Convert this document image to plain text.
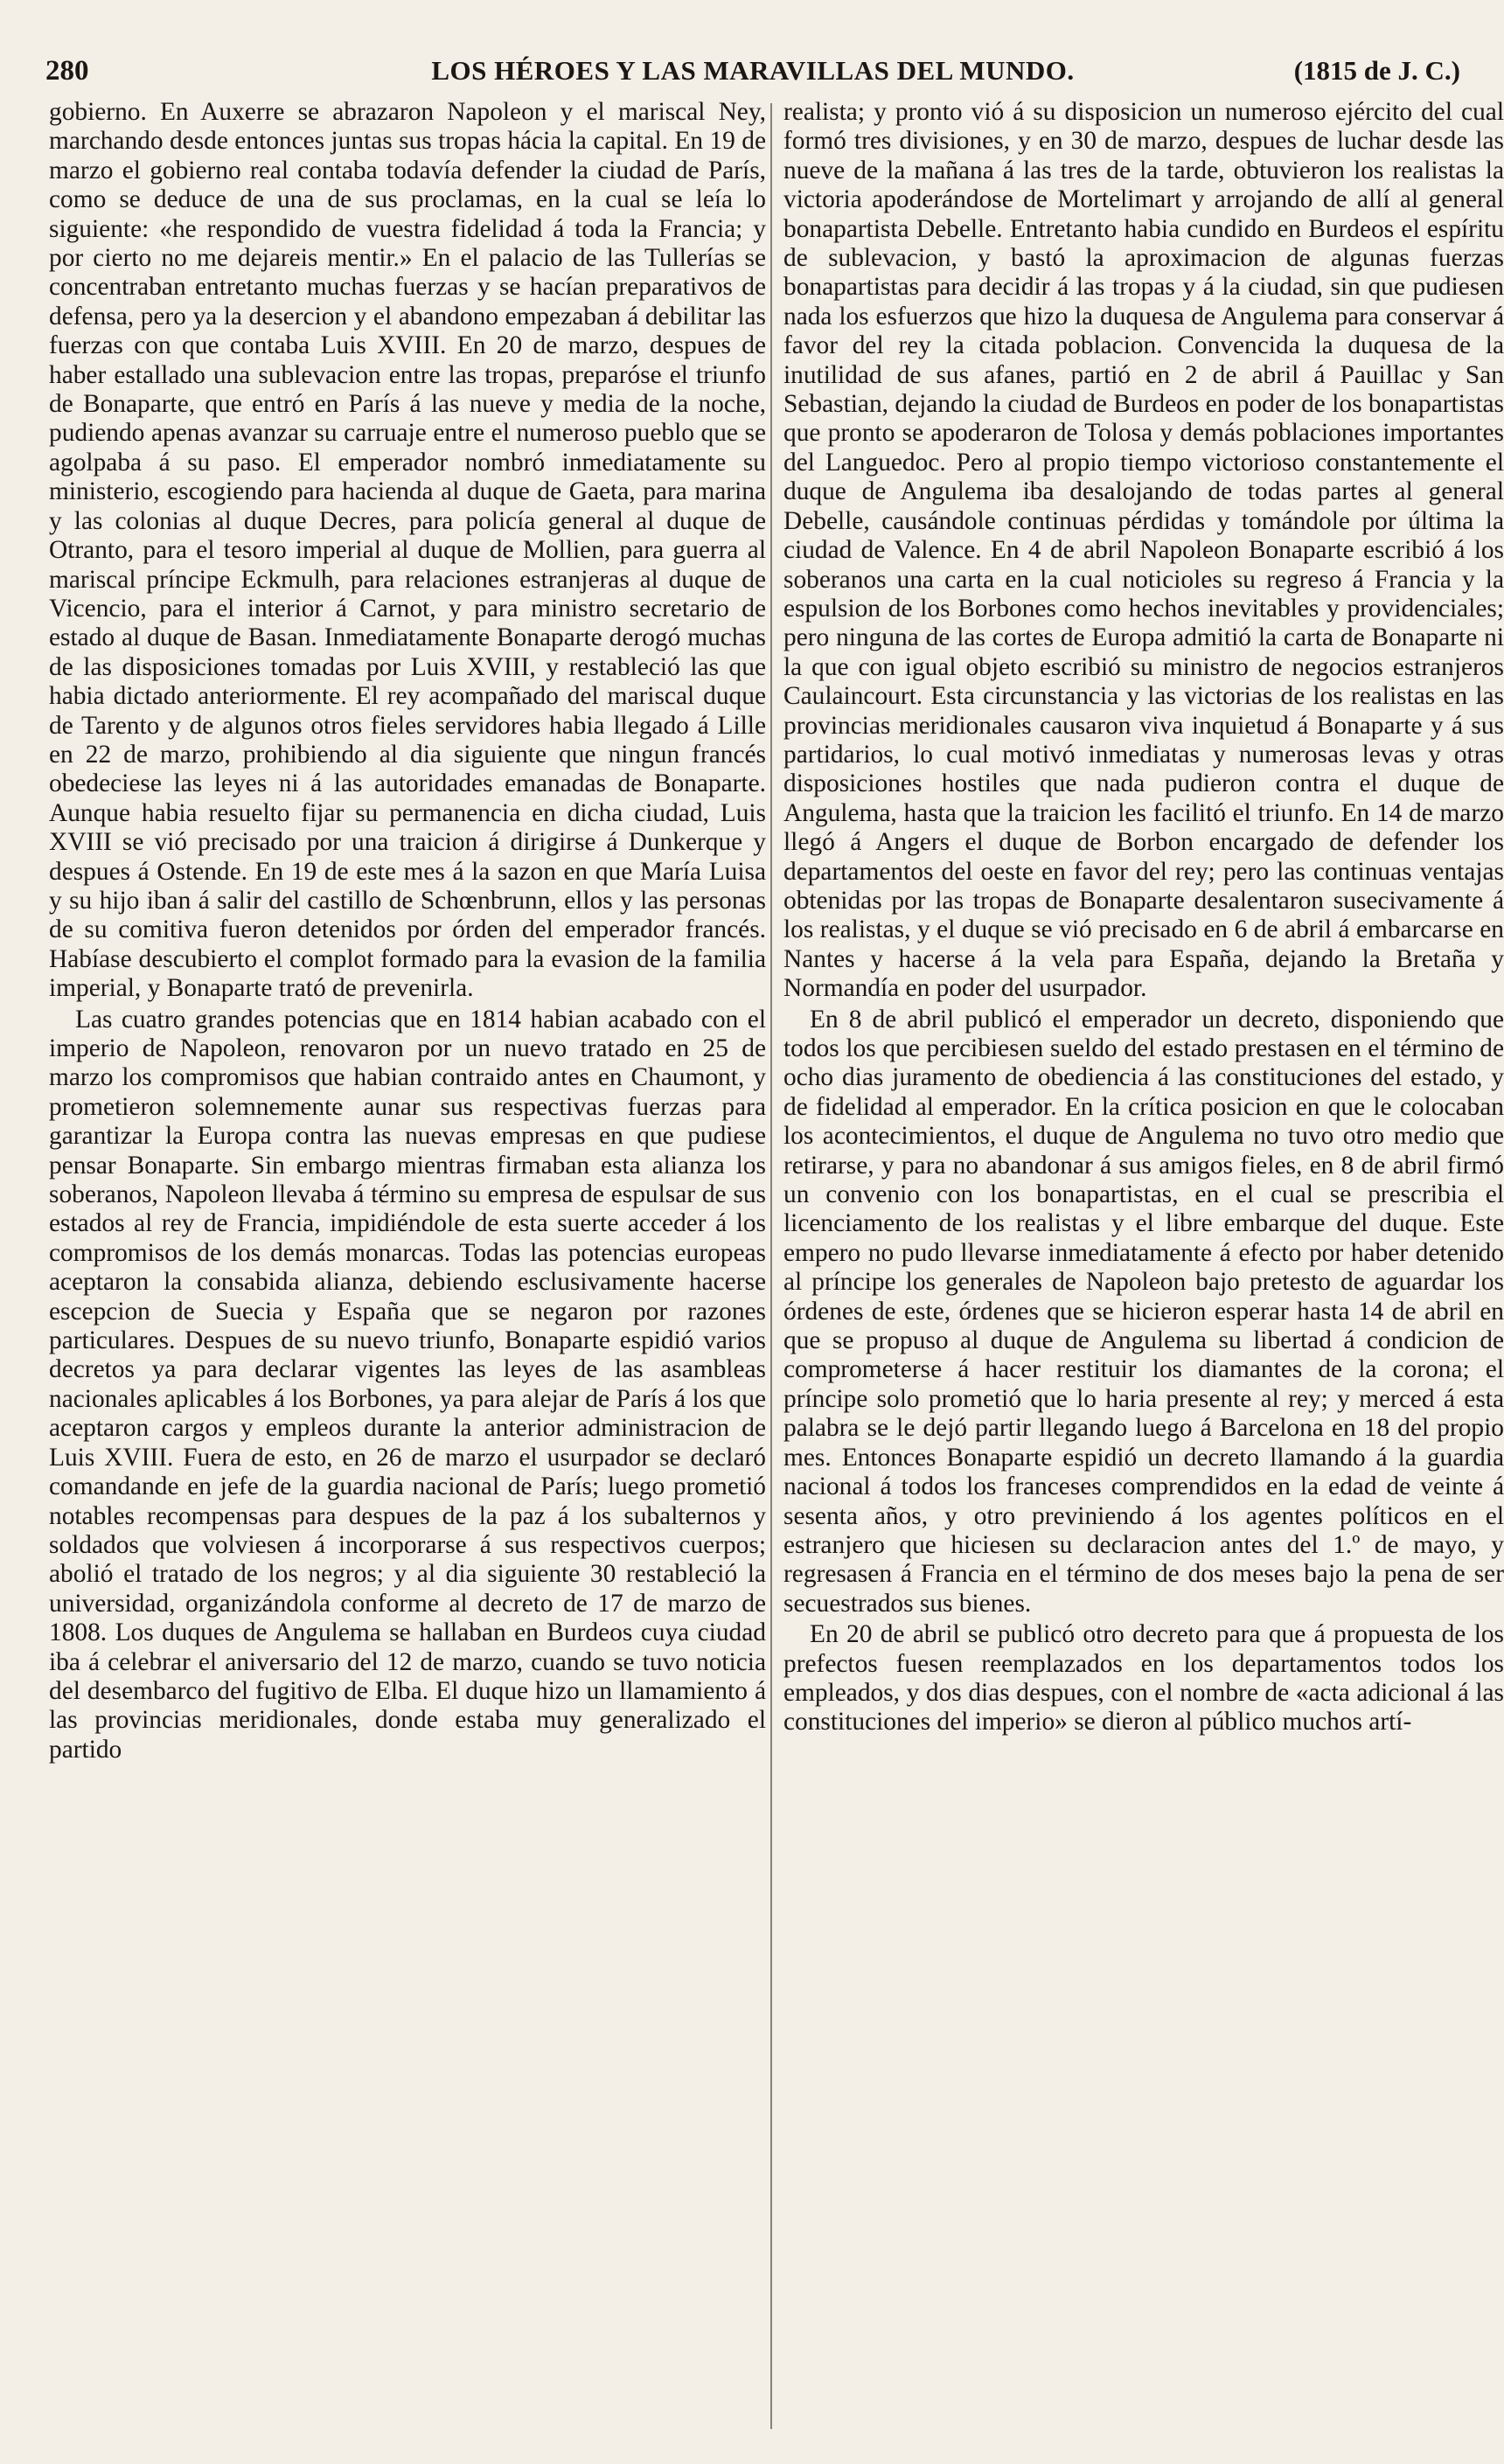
280	LOS HÉROES Y LAS MARAVILLAS DEL MUNDO.	(1815 de J. C.)

gobierno. En Auxerre se abrazaron Napoleon y el mariscal Ney, marchando desde entonces juntas sus tropas hácia la capital. En 19 de marzo el gobierno real contaba todavía defender la ciudad de París, como se deduce de una de sus proclamas, en la cual se leía lo siguiente: «he respondido de vuestra fidelidad á toda la Francia; y por cierto no me dejareis mentir.» En el palacio de las Tullerías se concentraban entretanto muchas fuerzas y se hacían preparativos de defensa, pero ya la desercion y el abandono empezaban á debilitar las fuerzas con que contaba Luis XVIII. En 20 de marzo, despues de haber estallado una sublevacion entre las tropas, preparóse el triunfo de Bonaparte, que entró en París á las nueve y media de la noche, pudiendo apenas avanzar su carruaje entre el numeroso pueblo que se agolpaba á su paso. El emperador nombró inmediatamente su ministerio, escogiendo para hacienda al duque de Gaeta, para marina y las colonias al duque Decres, para policía general al duque de Otranto, para el tesoro imperial al duque de Mollien, para guerra al mariscal príncipe Eckmulh, para relaciones estranjeras al duque de Vicencio, para el interior á Carnot, y para ministro secretario de estado al duque de Basan. Inmediatamente Bonaparte derogó muchas de las disposiciones tomadas por Luis XVIII, y restableció las que habia dictado anteriormente. El rey acompañado del mariscal duque de Tarento y de algunos otros fieles servidores habia llegado á Lille en 22 de marzo, prohibiendo al dia siguiente que ningun francés obedeciese las leyes ni á las autoridades emanadas de Bonaparte. Aunque habia resuelto fijar su permanencia en dicha ciudad, Luis XVIII se vió precisado por una traicion á dirigirse á Dunkerque y despues á Ostende. En 19 de este mes á la sazon en que María Luisa y su hijo iban á salir del castillo de Schœnbrunn, ellos y las personas de su comitiva fueron detenidos por órden del emperador francés. Habíase descubierto el complot formado para la evasion de la familia imperial, y Bonaparte trató de prevenirla.

Las cuatro grandes potencias que en 1814 habian acabado con el imperio de Napoleon, renovaron por un nuevo tratado en 25 de marzo los compromisos que habian contraido antes en Chaumont, y prometieron solemnemente aunar sus respectivas fuerzas para garantizar la Europa contra las nuevas empresas en que pudiese pensar Bonaparte. Sin embargo mientras firmaban esta alianza los soberanos, Napoleon llevaba á término su empresa de espulsar de sus estados al rey de Francia, impidiéndole de esta suerte acceder á los compromisos de los demás monarcas. Todas las potencias europeas aceptaron la consabida alianza, debiendo esclusivamente hacerse escepcion de Suecia y España que se negaron por razones particulares. Despues de su nuevo triunfo, Bonaparte espidió varios decretos ya para declarar vigentes las leyes de las asambleas nacionales aplicables á los Borbones, ya para alejar de París á los que aceptaron cargos y empleos durante la anterior administracion de Luis XVIII. Fuera de esto, en 26 de marzo el usurpador se declaró comandande en jefe de la guardia nacional de París; luego prometió notables recompensas para despues de la paz á los subalternos y soldados que volviesen á incorporarse á sus respectivos cuerpos; abolió el tratado de los negros; y al dia siguiente 30 restableció la universidad, organizándola conforme al decreto de 17 de marzo de 1808. Los duques de Angulema se hallaban en Burdeos cuya ciudad iba á celebrar el aniversario del 12 de marzo, cuando se tuvo noticia del desembarco del fugitivo de Elba. El duque hizo un llamamiento á las provincias meridionales, donde estaba muy generalizado el partido

realista; y pronto vió á su disposicion un numeroso ejército del cual formó tres divisiones, y en 30 de marzo, despues de luchar desde las nueve de la mañana á las tres de la tarde, obtuvieron los realistas la victoria apoderándose de Mortelimart y arrojando de allí al general bonapartista Debelle. Entretanto habia cundido en Burdeos el espíritu de sublevacion, y bastó la aproximacion de algunas fuerzas bonapartistas para decidir á las tropas y á la ciudad, sin que pudiesen nada los esfuerzos que hizo la duquesa de Angulema para conservar á favor del rey la citada poblacion. Convencida la duquesa de la inutilidad de sus afanes, partió en 2 de abril á Pauillac y San Sebastian, dejando la ciudad de Burdeos en poder de los bonapartistas que pronto se apoderaron de Tolosa y demás poblaciones importantes del Languedoc. Pero al propio tiempo victorioso constantemente el duque de Angulema iba desalojando de todas partes al general Debelle, causándole continuas pérdidas y tomándole por última la ciudad de Valence. En 4 de abril Napoleon Bonaparte escribió á los soberanos una carta en la cual noticioles su regreso á Francia y la espulsion de los Borbones como hechos inevitables y providenciales; pero ninguna de las cortes de Europa admitió la carta de Bonaparte ni la que con igual objeto escribió su ministro de negocios estranjeros Caulaincourt. Esta circunstancia y las victorias de los realistas en las provincias meridionales causaron viva inquietud á Bonaparte y á sus partidarios, lo cual motivó inmediatas y numerosas levas y otras disposiciones hostiles que nada pudieron contra el duque de Angulema, hasta que la traicion les facilitó el triunfo. En 14 de marzo llegó á Angers el duque de Borbon encargado de defender los departamentos del oeste en favor del rey; pero las continuas ventajas obtenidas por las tropas de Bonaparte desalentaron susecivamente á los realistas, y el duque se vió precisado en 6 de abril á embarcarse en Nantes y hacerse á la vela para España, dejando la Bretaña y Normandía en poder del usurpador.

En 8 de abril publicó el emperador un decreto, disponiendo que todos los que percibiesen sueldo del estado prestasen en el término de ocho dias juramento de obediencia á las constituciones del estado, y de fidelidad al emperador. En la crítica posicion en que le colocaban los acontecimientos, el duque de Angulema no tuvo otro medio que retirarse, y para no abandonar á sus amigos fieles, en 8 de abril firmó un convenio con los bonapartistas, en el cual se prescribia el licenciamento de los realistas y el libre embarque del duque. Este empero no pudo llevarse inmediatamente á efecto por haber detenido al príncipe los generales de Napoleon bajo pretesto de aguardar los órdenes de este, órdenes que se hicieron esperar hasta 14 de abril en que se propuso al duque de Angulema su libertad á condicion de comprometerse á hacer restituir los diamantes de la corona; el príncipe solo prometió que lo haria presente al rey; y merced á esta palabra se le dejó partir llegando luego á Barcelona en 18 del propio mes. Entonces Bonaparte espidió un decreto llamando á la guardia nacional á todos los franceses comprendidos en la edad de veinte á sesenta años, y otro previniendo á los agentes políticos en el estranjero que hiciesen su declaracion antes del 1.º de mayo, y regresasen á Francia en el término de dos meses bajo la pena de ser secuestrados sus bienes.

En 20 de abril se publicó otro decreto para que á propuesta de los prefectos fuesen reemplazados en los departamentos todos los empleados, y dos dias despues, con el nombre de «acta adicional á las constituciones del imperio» se dieron al público muchos artí-
